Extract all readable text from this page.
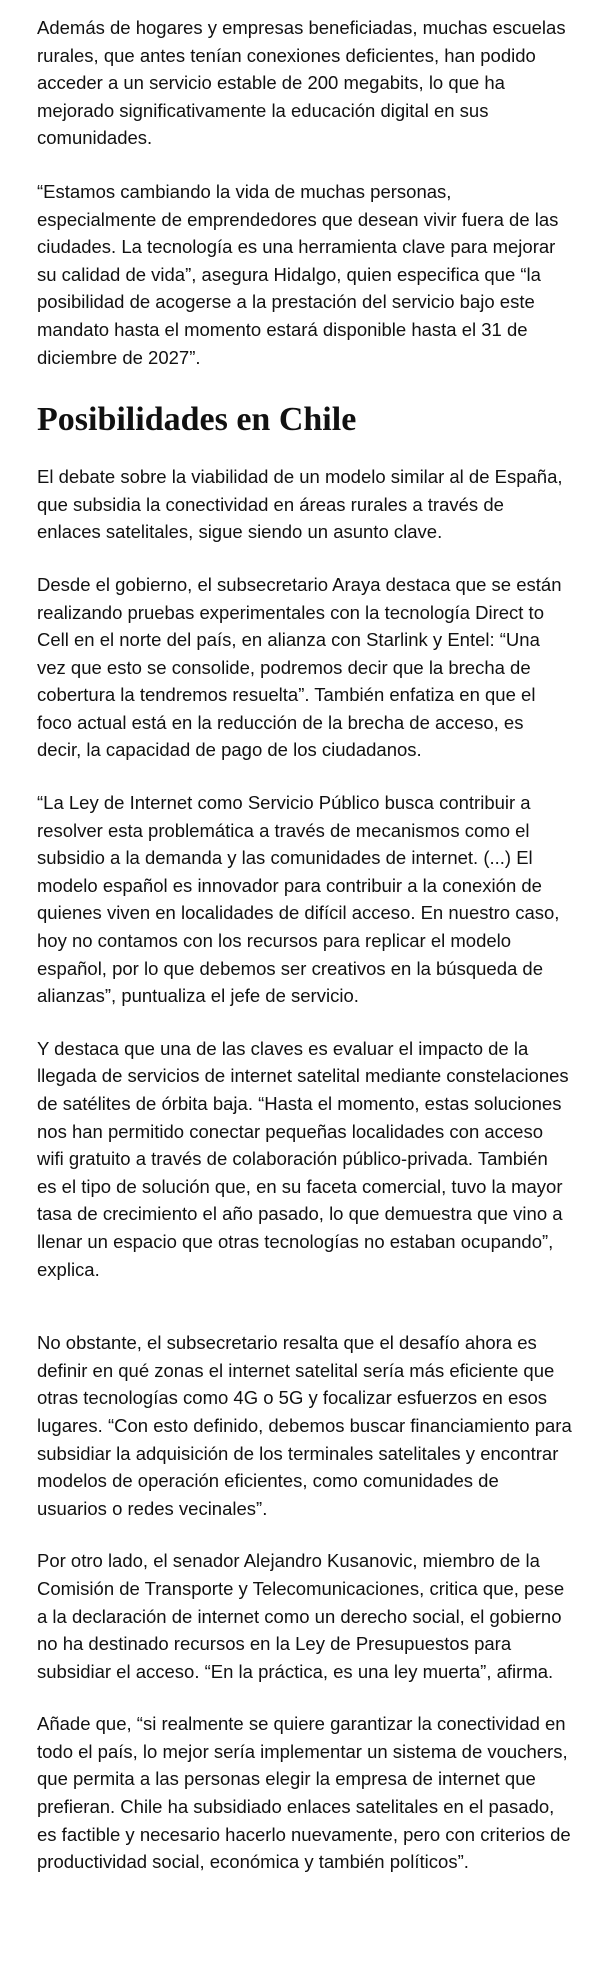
Además de hogares y empresas beneficiadas, muchas escuelas rurales, que antes tenían conexiones deficientes, han podido acceder a un servicio estable de 200 megabits, lo que ha mejorado significativamente la educación digital en sus comunidades.

“Estamos cambiando la vida de muchas personas, especialmente de emprendedores que desean vivir fuera de las ciudades. La tecnología es una herramienta clave para mejorar su calidad de vida”, asegura Hidalgo, quien especifica que “la posibilidad de acogerse a la prestación del servicio bajo este mandato hasta el momento estará disponible hasta el 31 de diciembre de 2027”.

Posibilidades en Chile

El debate sobre la viabilidad de un modelo similar al de España, que subsidia la conectividad en áreas rurales a través de enlaces satelitales, sigue siendo un asunto clave.

Desde el gobierno, el subsecretario Araya destaca que se están realizando pruebas experimentales con la tecnología Direct to Cell en el norte del país, en alianza con Starlink y Entel: “Una vez que esto se consolide, podremos decir que la brecha de cobertura la tendremos resuelta”. También enfatiza en que el foco actual está en la reducción de la brecha de acceso, es decir, la capacidad de pago de los ciudadanos.

“La Ley de Internet como Servicio Público busca contribuir a resolver esta problemática a través de mecanismos como el subsidio a la demanda y las comunidades de internet. (...) El modelo español es innovador para contribuir a la conexión de quienes viven en localidades de difícil acceso. En nuestro caso, hoy no contamos con los recursos para replicar el modelo español, por lo que debemos ser creativos en la búsqueda de alianzas”, puntualiza el jefe de servicio.

Y destaca que una de las claves es evaluar el impacto de la llegada de servicios de internet satelital mediante constelaciones de satélites de órbita baja. “Hasta el momento, estas soluciones nos han permitido conectar pequeñas localidades con acceso wifi gratuito a través de colaboración público-privada. También es el tipo de solución que, en su faceta comercial, tuvo la mayor tasa de crecimiento el año pasado, lo que demuestra que vino a llenar un espacio que otras tecnologías no estaban ocupando”, explica.

No obstante, el subsecretario resalta que el desafío ahora es definir en qué zonas el internet satelital sería más eficiente que otras tecnologías como 4G o 5G y focalizar esfuerzos en esos lugares. “Con esto definido, debemos buscar financiamiento para subsidiar la adquisición de los terminales satelitales y encontrar modelos de operación eficientes, como comunidades de usuarios o redes vecinales”.

Por otro lado, el senador Alejandro Kusanovic, miembro de la Comisión de Transporte y Telecomunicaciones, critica que, pese a la declaración de internet como un derecho social, el gobierno no ha destinado recursos en la Ley de Presupuestos para subsidiar el acceso. “En la práctica, es una ley muerta”, afirma.

Añade que, “si realmente se quiere garantizar la conectividad en todo el país, lo mejor sería implementar un sistema de vouchers, que permita a las personas elegir la empresa de internet que prefieran. Chile ha subsidiado enlaces satelitales en el pasado, es factible y necesario hacerlo nuevamente, pero con criterios de productividad social, económica y también políticos”.
